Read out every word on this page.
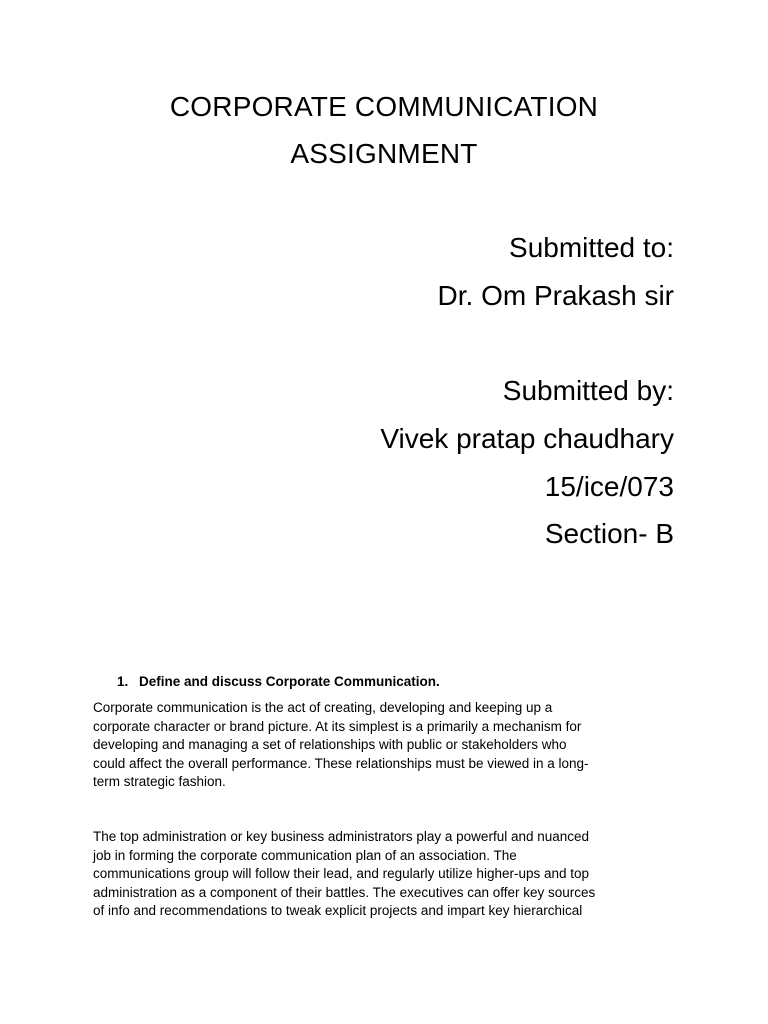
CORPORATE COMMUNICATION
ASSIGNMENT
Submitted to:
Dr. Om Prakash sir
Submitted by:
Vivek pratap chaudhary
15/ice/073
Section- B
1. Define and discuss Corporate Communication.
Corporate communication is the act of creating, developing and keeping up a
corporate character or brand picture. At its simplest is a primarily a mechanism for
developing and managing a set of relationships with public or stakeholders who
could affect the overall performance. These relationships must be viewed in a long-
term strategic fashion.
The top administration or key business administrators play a powerful and nuanced
job in forming the corporate communication plan of an association. The
communications group will follow their lead, and regularly utilize higher-ups and top
administration as a component of their battles. The executives can offer key sources
of info and recommendations to tweak explicit projects and impart key hierarchical
